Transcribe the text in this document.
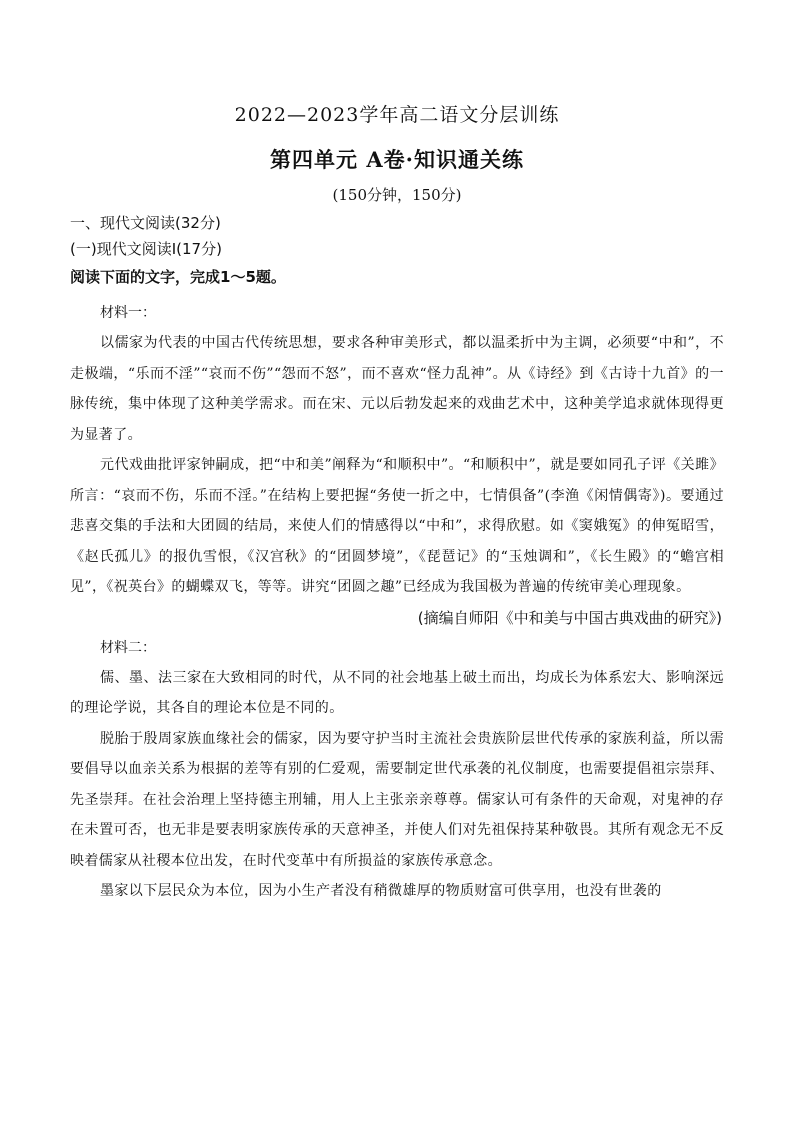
2022—2023学年高二语文分层训练
第四单元 A卷·知识通关练
(150分钟，150分)
一、现代文阅读(32分)
(一)现代文阅读Ⅰ(17分)
阅读下面的文字，完成1～5题。
材料一：

以儒家为代表的中国古代传统思想，要求各种审美形式，都以温柔折中为主调，必须要“中和”，不走极端，“乐而不淫”“哀而不伤”“怨而不怒”，而不喜欢“怪力乱神”。从《诗经》到《古诗十九首》的一脉传统，集中体现了这种美学需求。而在宋、元以后勃发起来的戏曲艺术中，这种美学追求就体现得更为显著了。

元代戏曲批评家钟嗣成，把“中和美”阐释为“和顺积中”。“和顺积中”，就是要如同孔子评《关雎》所言：“哀而不伤，乐而不淫。”在结构上要把握“务使一折之中，七情俱备”(李渔《闲情偶寄》)。要通过悲喜交集的手法和大团圆的结局，来使人们的情感得以“中和”，求得欣慰。如《窦娥冤》的伸冤昭雪，《赵氏孤儿》的报仇雪恨，《汉宫秋》的“团圆梦境”，《琵琶记》的“玉烛调和”，《长生殿》的“蟾宫相见”，《祝英台》的蝴蝶双飞，等等。讲究“团圆之趣”已经成为我国极为普遍的传统审美心理现象。

(摘编自师阳《中和美与中国古典戏曲的研究》)
材料二：

儒、墨、法三家在大致相同的时代，从不同的社会地基上破土而出，均成长为体系宏大、影响深远的理论学说，其各自的理论本位是不同的。

脱胎于殷周家族血缘社会的儒家，因为要守护当时主流社会贵族阶层世代传承的家族利益，所以需要倡导以血亲关系为根据的差等有别的仁爱观，需要制定世代承袭的礼仪制度，也需要提倡祖宗崇拜、先圣崇拜。在社会治理上坚持德主刑辅，用人上主张亲亲尊尊。儒家认可有条件的天命观，对鬼神的存在未置可否，也无非是要表明家族传承的天意神圣，并使人们对先祖保持某种敬畏。其所有观念无不反映着儒家从社稷本位出发，在时代变革中有所损益的家族传承意念。

墨家以下层民众为本位，因为小生产者没有稍微雄厚的物质财富可供享用，也没有世袭的
